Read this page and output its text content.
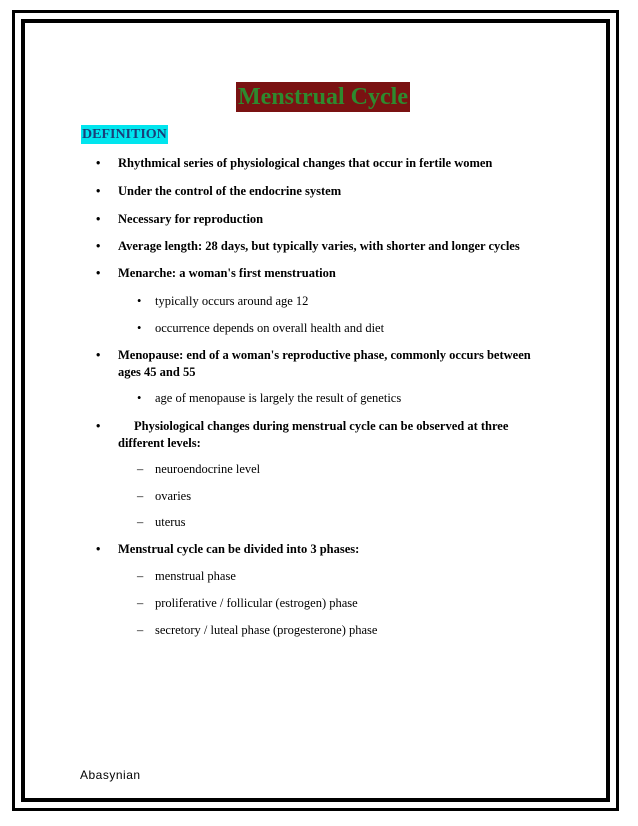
Menstrual Cycle
DEFINITION
• Rhythmical series of physiological changes that occur in fertile women
• Under the control of the endocrine system
• Necessary for reproduction
• Average length: 28 days, but typically varies, with shorter and longer cycles
• Menarche: a woman's first menstruation
• typically occurs around age 12
• occurrence depends on overall health and diet
• Menopause: end of a woman's reproductive phase, commonly occurs between ages 45 and 55
• age of menopause is largely the result of genetics
•	Physiological changes during menstrual cycle can be observed at three different levels:
– neuroendocrine level
– ovaries
– uterus
• Menstrual cycle can be divided into 3 phases:
– menstrual phase
– proliferative / follicular (estrogen) phase
– secretory / luteal phase (progesterone) phase
Abasynian
